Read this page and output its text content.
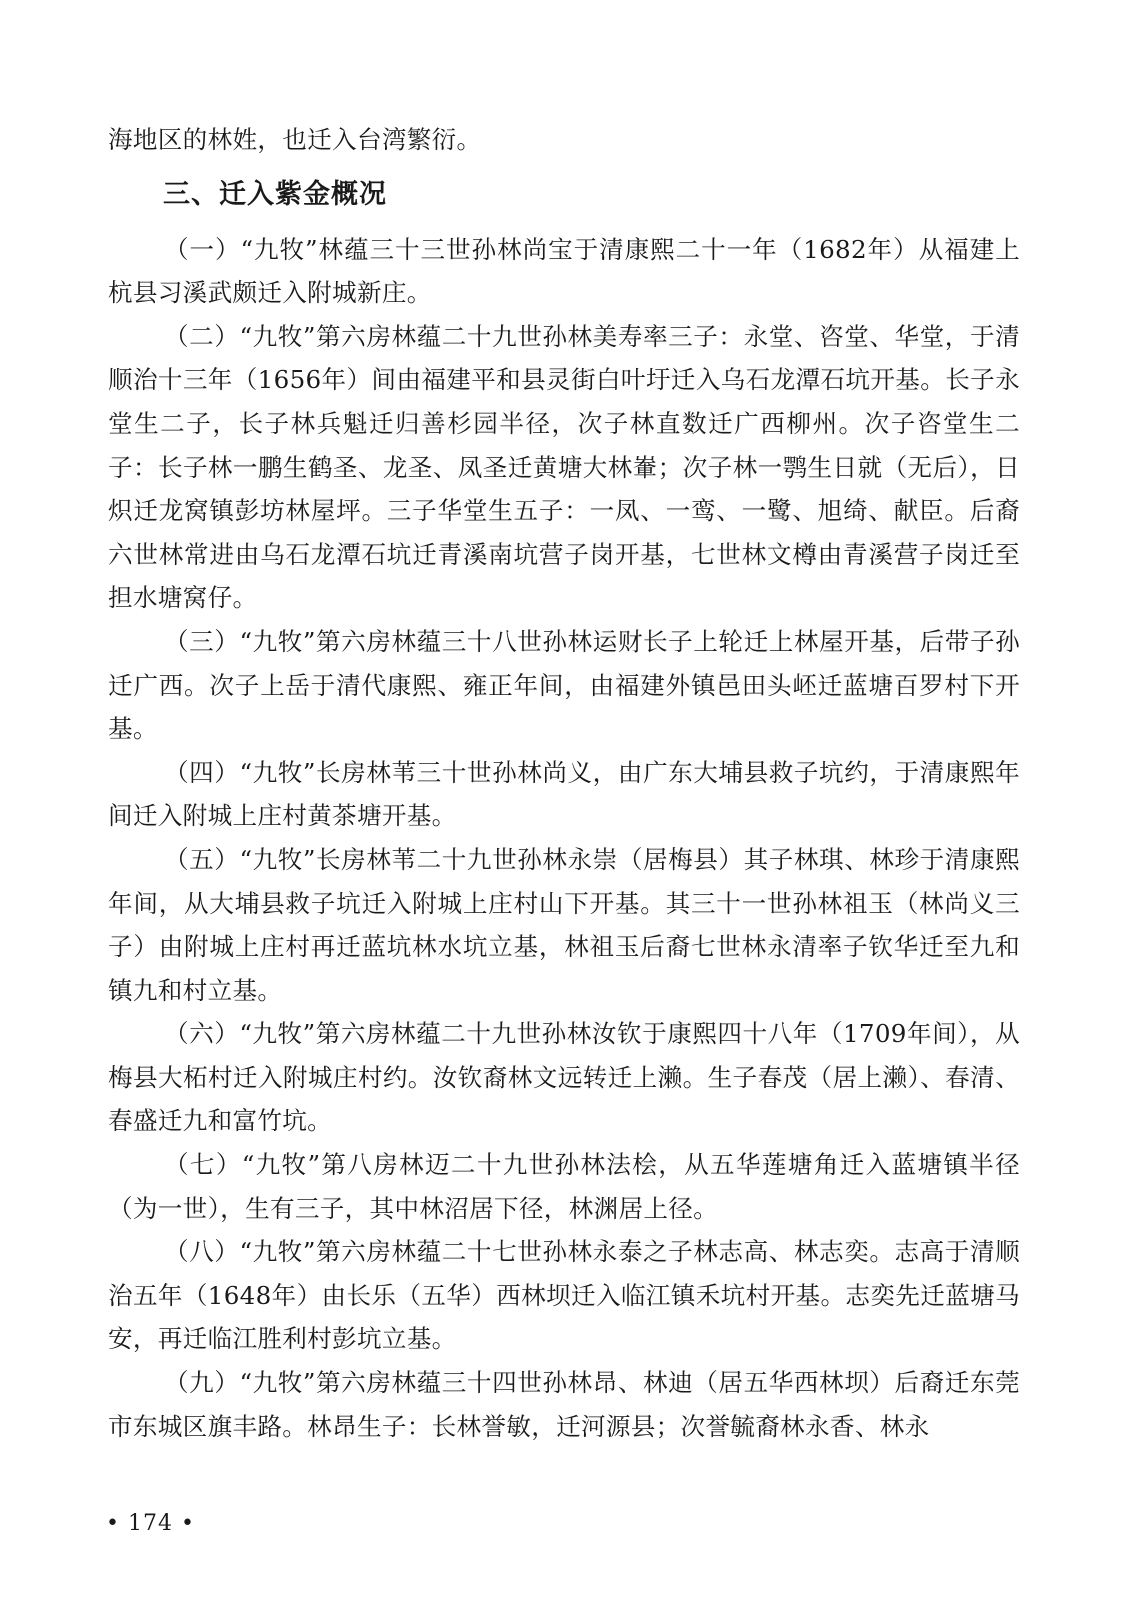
海地区的林姓，也迁入台湾繁衍。

三、迁入紫金概况

（一）“九牧”林蕴三十三世孙林尚宝于清康熙二十一年（1682年）从福建上杭县习溪武颇迁入附城新庄。

（二）“九牧”第六房林蕴二十九世孙林美寿率三子：永堂、咨堂、华堂，于清顺治十三年（1656年）间由福建平和县灵街白叶圩迁入乌石龙潭石坑开基。长子永堂生二子，长子林兵魁迁归善杉园半径，次子林直数迁广西柳州。次子咨堂生二子：长子林一鹏生鹤圣、龙圣、凤圣迁黄塘大林輋；次子林一鹗生日就（无后），日炽迁龙窝镇彭坊林屋坪。三子华堂生五子：一凤、一鸾、一鹭、旭绮、献臣。后裔六世林常进由乌石龙潭石坑迁青溪南坑营子岗开基，七世林文樽由青溪营子岗迁至担水塘窝仔。

（三）“九牧”第六房林蕴三十八世孙林运财长子上轮迁上林屋开基，后带子孙迁广西。次子上岳于清代康熙、雍正年间，由福建外镇邑田头岯迁蓝塘百罗村下开基。

（四）“九牧”长房林苇三十世孙林尚义，由广东大埔县救子坑约，于清康熙年间迁入附城上庄村黄茶塘开基。

（五）“九牧”长房林苇二十九世孙林永崇（居梅县）其子林琪、林珍于清康熙年间，从大埔县救子坑迁入附城上庄村山下开基。其三十一世孙林祖玉（林尚义三子）由附城上庄村再迁蓝坑林水坑立基，林祖玉后裔七世林永清率子钦华迁至九和镇九和村立基。

（六）“九牧”第六房林蕴二十九世孙林汝钦于康熙四十八年（1709年间），从梅县大柘村迁入附城庄村约。汝钦裔林文远转迁上濑。生子春茂（居上濑）、春清、春盛迁九和富竹坑。

（七）“九牧”第八房林迈二十九世孙林法桧，从五华莲塘角迁入蓝塘镇半径（为一世），生有三子，其中林沼居下径，林渊居上径。

（八）“九牧”第六房林蕴二十七世孙林永泰之子林志高、林志奕。志高于清顺治五年（1648年）由长乐（五华）西林坝迁入临江镇禾坑村开基。志奕先迁蓝塘马安，再迁临江胜利村彭坑立基。

（九）“九牧”第六房林蕴三十四世孙林昂、林迪（居五华西林坝）后裔迁东莞市东城区旗丰路。林昂生子：长林誉敏，迁河源县；次誉毓裔林永香、林永

• 174 •
